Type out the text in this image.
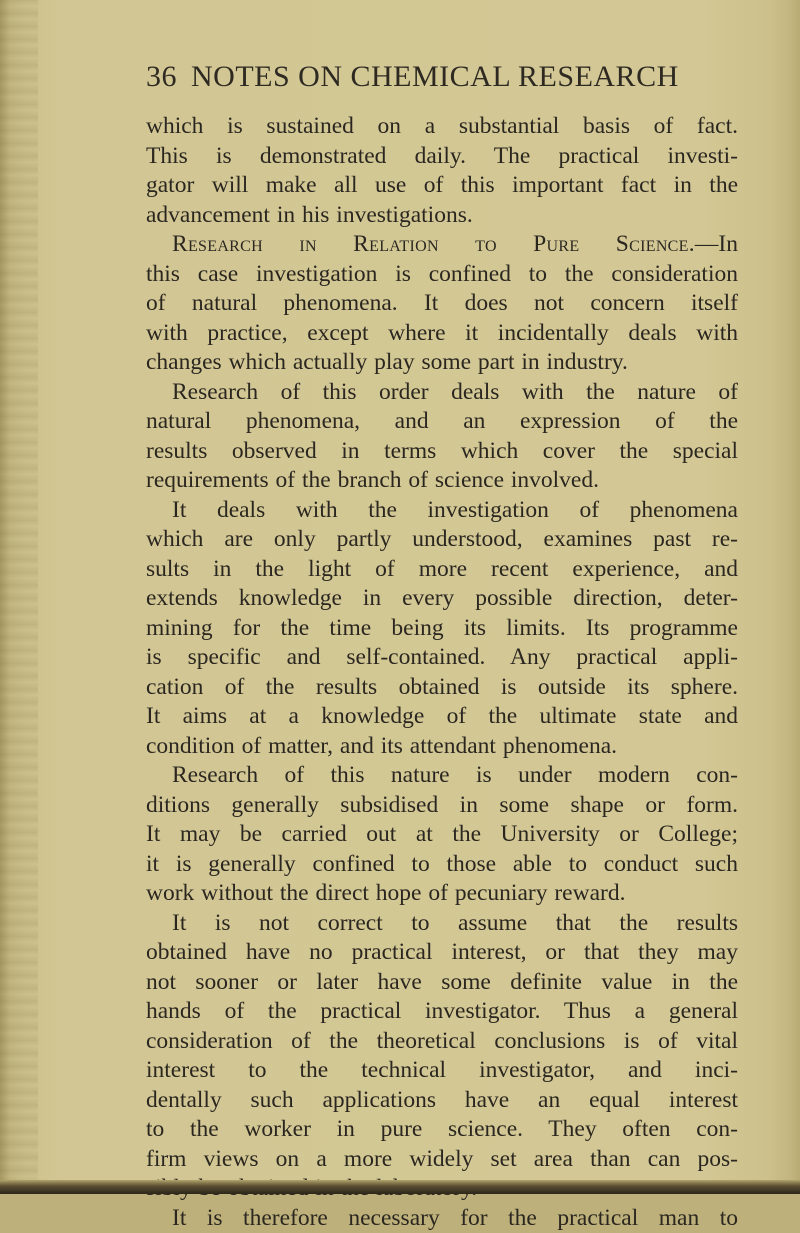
36 NOTES ON CHEMICAL RESEARCH

which is sustained on a substantial basis of fact.

This is demonstrated daily. The practical investi-

gator will make all use of this important fact in the

advancement in his investigations.

Research in Relation to Pure Science.—In

this case investigation is confined to the consideration

of natural phenomena. It does not concern itself

with practice, except where it incidentally deals with

changes which actually play some part in industry.

Research of this order deals with the nature of

natural phenomena, and an expression of the

results observed in terms which cover the special

requirements of the branch of science involved.

It deals with the investigation of phenomena

which are only partly understood, examines past re-

sults in the light of more recent experience, and

extends knowledge in every possible direction, deter-

mining for the time being its limits. Its programme

is specific and self-contained. Any practical appli-

cation of the results obtained is outside its sphere.

It aims at a knowledge of the ultimate state and

condition of matter, and its attendant phenomena.

Research of this nature is under modern con-

ditions generally subsidised in some shape or form.

It may be carried out at the University or College;

it is generally confined to those able to conduct such

work without the direct hope of pecuniary reward.

It is not correct to assume that the results

obtained have no practical interest, or that they may

not sooner or later have some definite value in the

hands of the practical investigator. Thus a general

consideration of the theoretical conclusions is of vital

interest to the technical investigator, and inci-

dentally such applications have an equal interest

to the worker in pure science. They often con-

firm views on a more widely set area than can pos-

It is therefore necessary for the practical man to
